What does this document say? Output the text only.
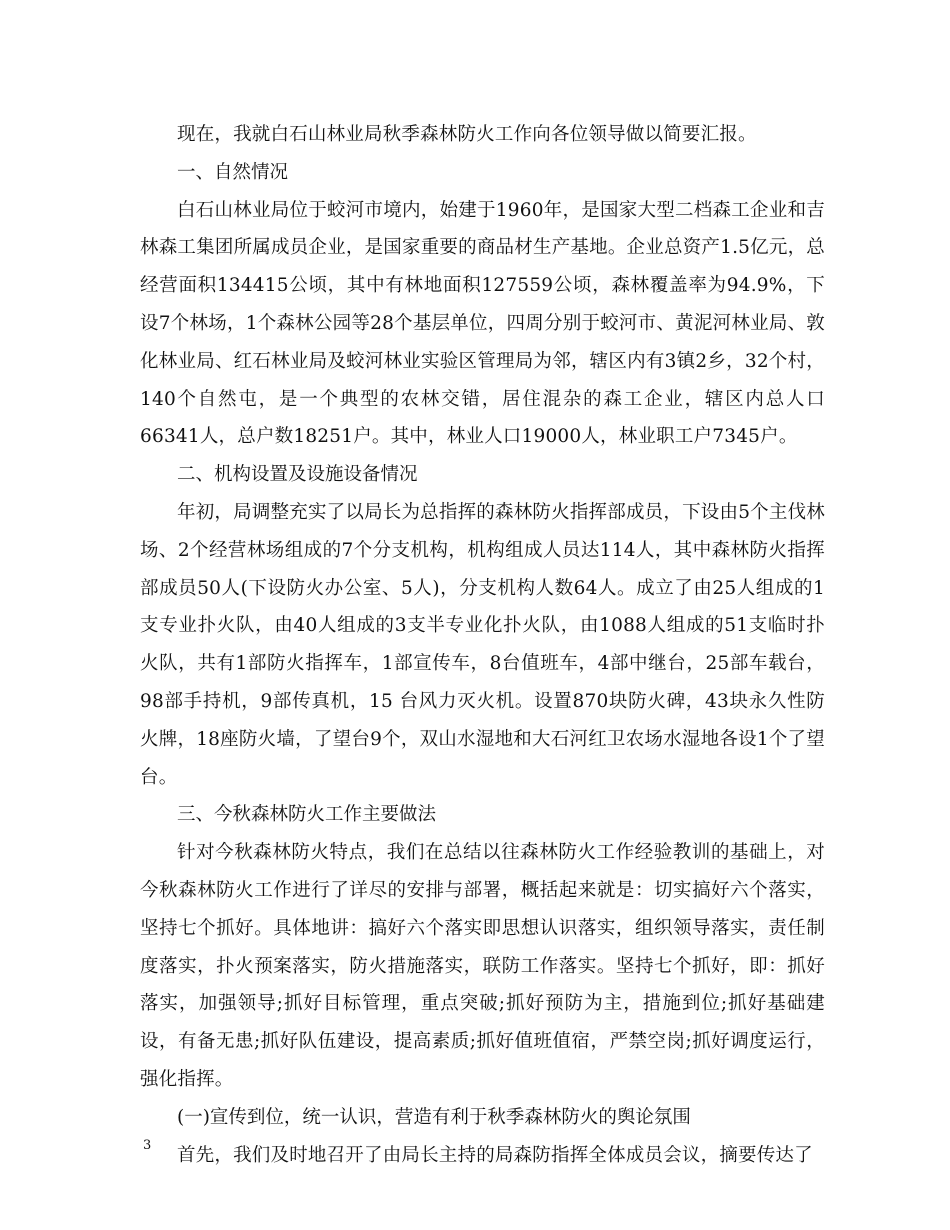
现在，我就白石山林业局秋季森林防火工作向各位领导做以简要汇报。

一、自然情况

白石山林业局位于蛟河市境内，始建于1960年，是国家大型二档森工企业和吉林森工集团所属成员企业，是国家重要的商品材生产基地。企业总资产1.5亿元，总经营面积134415公顷，其中有林地面积127559公顷，森林覆盖率为94.9%，下设7个林场，1个森林公园等28个基层单位，四周分别于蛟河市、黄泥河林业局、敦化林业局、红石林业局及蛟河林业实验区管理局为邻，辖区内有3镇2乡，32个村，140个自然屯，是一个典型的农林交错，居住混杂的森工企业，辖区内总人口66341人，总户数18251户。其中，林业人口19000人，林业职工户7345户。

二、机构设置及设施设备情况

年初，局调整充实了以局长为总指挥的森林防火指挥部成员，下设由5个主伐林场、2个经营林场组成的7个分支机构，机构组成人员达114人，其中森林防火指挥部成员50人(下设防火办公室、5人)，分支机构人数64人。成立了由25人组成的1支专业扑火队，由40人组成的3支半专业化扑火队，由1088人组成的51支临时扑火队，共有1部防火指挥车，1部宣传车，8台值班车，4部中继台，25部车载台，98部手持机，9部传真机，15 台风力灭火机。设置870块防火碑，43块永久性防火牌，18座防火墙，了望台9个，双山水湿地和大石河红卫农场水湿地各设1个了望台。

三、今秋森林防火工作主要做法

针对今秋森林防火特点，我们在总结以往森林防火工作经验教训的基础上，对今秋森林防火工作进行了详尽的安排与部署，概括起来就是：切实搞好六个落实，坚持七个抓好。具体地讲：搞好六个落实即思想认识落实，组织领导落实，责任制度落实，扑火预案落实，防火措施落实，联防工作落实。坚持七个抓好，即：抓好落实，加强领导;抓好目标管理，重点突破;抓好预防为主，措施到位;抓好基础建设，有备无患;抓好队伍建设，提高素质;抓好值班值宿，严禁空岗;抓好调度运行，强化指挥。

(一)宣传到位，统一认识，营造有利于秋季森林防火的舆论氛围

首先，我们及时地召开了由局长主持的局森防指挥全体成员会议，摘要传达了

3
